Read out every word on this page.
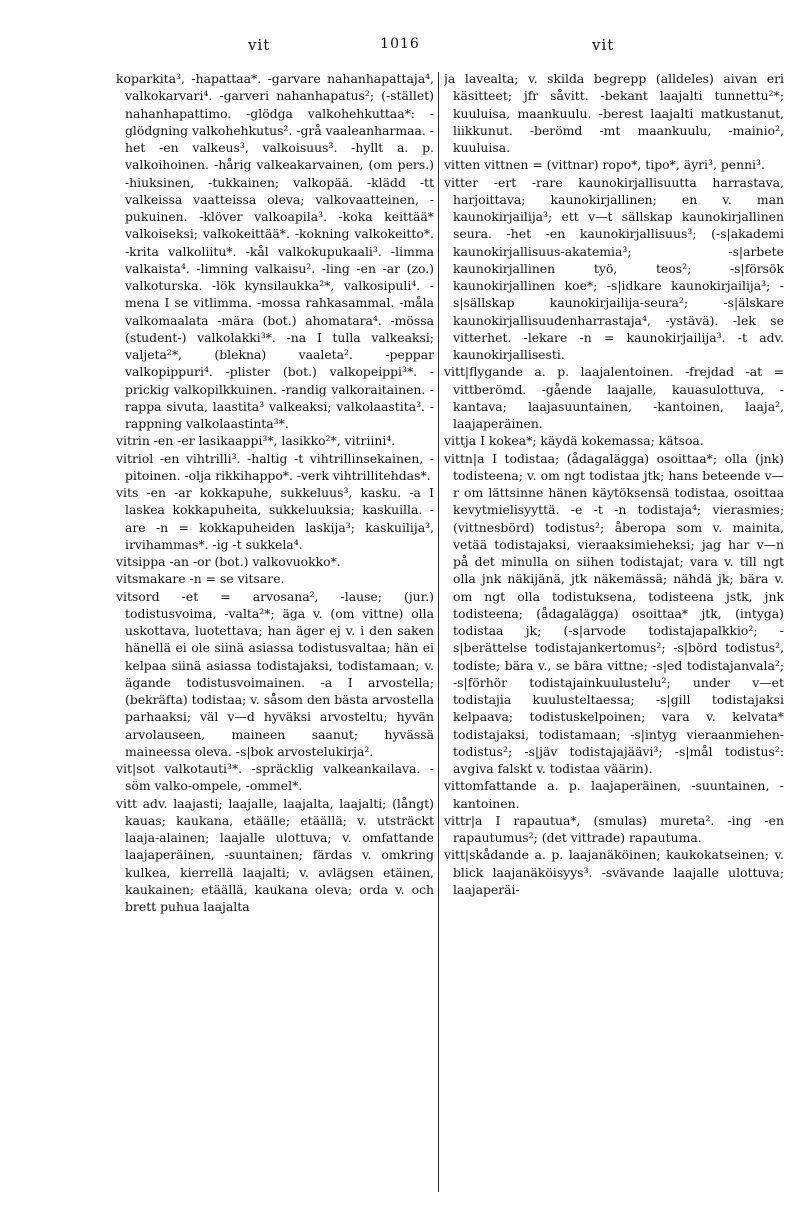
vit	1016	vit

koparkita³, -hapattaa*. -garvare nahanhapattaja⁴, valkokarvari⁴. -garveri nahanhapatus²; (-stället) nahanhapattimo. -glödga valkohehkuttaa*: -glödgning valkohehkutus². -grå vaaleanharmaa. -het -en valkeus³, valkoisuus³. -hyllt a. p. valkoihoinen. -hårig valkeakarvainen, (om pers.) -hiuksinen, -tukkainen; valkopää. -klädd -tt valkeissa vaatteissa oleva; valkovaatteinen, -pukuinen. -klöver valkoapila³. -koka keittää* valkoiseksi; valkokeittää*. -kokning valkokeitto*. -krita valkoliitu*. -kål valkokupukaali³. -limma valkaista⁴. -limning valkaisu². -ling -en -ar (zo.) valkoturska. -lök kynsilaukka²*, valkosipuli⁴. -mena I se vitlimma. -mossa rahkasammal. -måla valkomaalata -mära (bot.) ahomatara⁴. -mössa (student-) valkolakki³*. -na I tulla valkeaksi; valjeta²*, (blekna) vaaleta². -peppar valkopippuri⁴. -plister (bot.) valkopeippi³*. -prickig valkopilkkuinen. -randig valkoraitainen. -rappa sivuta, laastita³ valkeaksi; valkolaastita³. -rappning valkolaastinta³*.

vitrin -en -er lasikaappi³*, lasikko²*, vitriini⁴.

vitriol -en vihtrilli³. -haltig -t vihtrillinsekainen, -pitoinen. -olja rikkihappo*. -verk vihtrillitehdas*.

vits -en -ar kokkapuhe, sukkeluus³, kasku. -a I laskea kokkapuheita, sukkeluuksia; kaskuilla. -are -n = kokkapuheiden laskija³; kaskuilija³, irvihammas*. -ig -t sukkela⁴.

vitsippa -an -or (bot.) valkovuokko*.

vitsmakare -n = se vitsare.

vitsord -et = arvosana², -lause; (jur.) todistusvoima, -valta²*; äga v. (om vittne) olla uskottava, luotettava; han äger ej v. i den saken hänellä ei ole siinä asiassa todistusvaltaa; hän ei kelpaa siinä asiassa todistajaksi, todistamaan; v. ägande todistusvoimainen. -a I arvostella; (bekräfta) todistaa; v. såsom den bästa arvostella parhaaksi; väl v—d hyväksi arvosteltu; hyvän arvolauseen, maineen saanut; hyvässä maineessa oleva. -s|bok arvostelukirja².

vit|sot valkotauti³*. -spräcklig valkeankailava. -söm valko-ompele, -ommel*.

vitt adv. laajasti; laajalle, laajalta, laajalti; (långt) kauas; kaukana, etäälle; etäällä; v. utsträckt laaja-alainen; laajalle ulottuva; v. omfattande laajaperäinen, -suuntainen; färdas v. omkring kulkea, kierrellä laajalti; v. avlägsen etäinen, kaukainen; etäällä, kaukana oleva; orda v. och brett puhua laajalta

ja lavealta; v. skilda begrepp (alldeles) aivan eri käsitteet; jfr såvitt. -bekant laajalti tunnettu²*; kuuluisa, maankuulu. -berest laajalti matkustanut, liikkunut. -berömd -mt maankuulu, -mainio², kuuluisa.

vitten vittnen = (vittnar) ropo*, tipo*, äyri³, penni³.

vitter -ert -rare kaunokirjallisuutta harrastava, harjoittava; kaunokirjallinen; en v. man kaunokirjailija³; ett v—t sällskap kaunokirjallinen seura. -het -en kaunokirjallisuus³; (-s|akademi kaunokirjallisuus-akatemia³; -s|arbete kaunokirjallinen työ, teos²; -s|försök kaunokirjallinen koe*; -s|idkare kaunokirjailija³; -s|sällskap kaunokirjailija-seura²; -s|älskare kaunokirjallisuudenharrastaja⁴, -ystävä). -lek se vitterhet. -lekare -n = kaunokirjailija³. -t adv. kaunokirjallisesti.

vitt|flygande a. p. laajalentoinen. -frejdad -at = vittberömd. -gående laajalle, kauasulottuva, -kantava; laajasuuntainen, -kantoinen, laaja², laajaperäinen.

vittja I kokea*; käydä kokemassa; kätsoa.

vittn|a I todistaa; (ådagalägga) osoittaa*; olla (jnk) todisteena; v. om ngt todistaa jtk; hans beteende v—r om lättsinne hänen käytöksensä todistaa, osoittaa kevytmielisyyttä. -e -t -n todistaja⁴; vierasmies; (vittnesbörd) todistus²; åberopa som v. mainita, vetää todistajaksi, vieraaksimieheksi; jag har v—n på det minulla on siihen todistajat; vara v. till ngt olla jnk näkijänä, jtk näkemässä; nähdä jk; bära v. om ngt olla todistuksena, todisteena jstk, jnk todisteena; (ådagalägga) osoittaa* jtk, (intyga) todistaa jk; (-s|arvode todistajapalkkio²; -s|berättelse todistajankertomus²; -s|börd todistus², todiste; bära v., se bära vittne; -s|ed todistajanvala²; -s|förhör todistajainkuulustelu²; under v—et todistajia kuulusteltaessa; -s|gill todistajaksi kelpaava; todistuskelpoinen; vara v. kelvata* todistajaksi, todistamaan; -s|intyg vieraanmiehen-todistus²; -s|jäv todistajajäävi³; -s|mål todistus²: avgiva falskt v. todistaa väärin).

vittomfattande a. p. laajaperäinen, -suuntainen, -kantoinen.

vittr|a I rapautua*, (smulas) mureta². -ing -en rapautumus²; (det vittrade) rapautuma.

vitt|skådande a. p. laajanäköinen; kaukokatseinen; v. blick laajanäköisyys³. -svävande laajalle ulottuva; laajaperäi-
